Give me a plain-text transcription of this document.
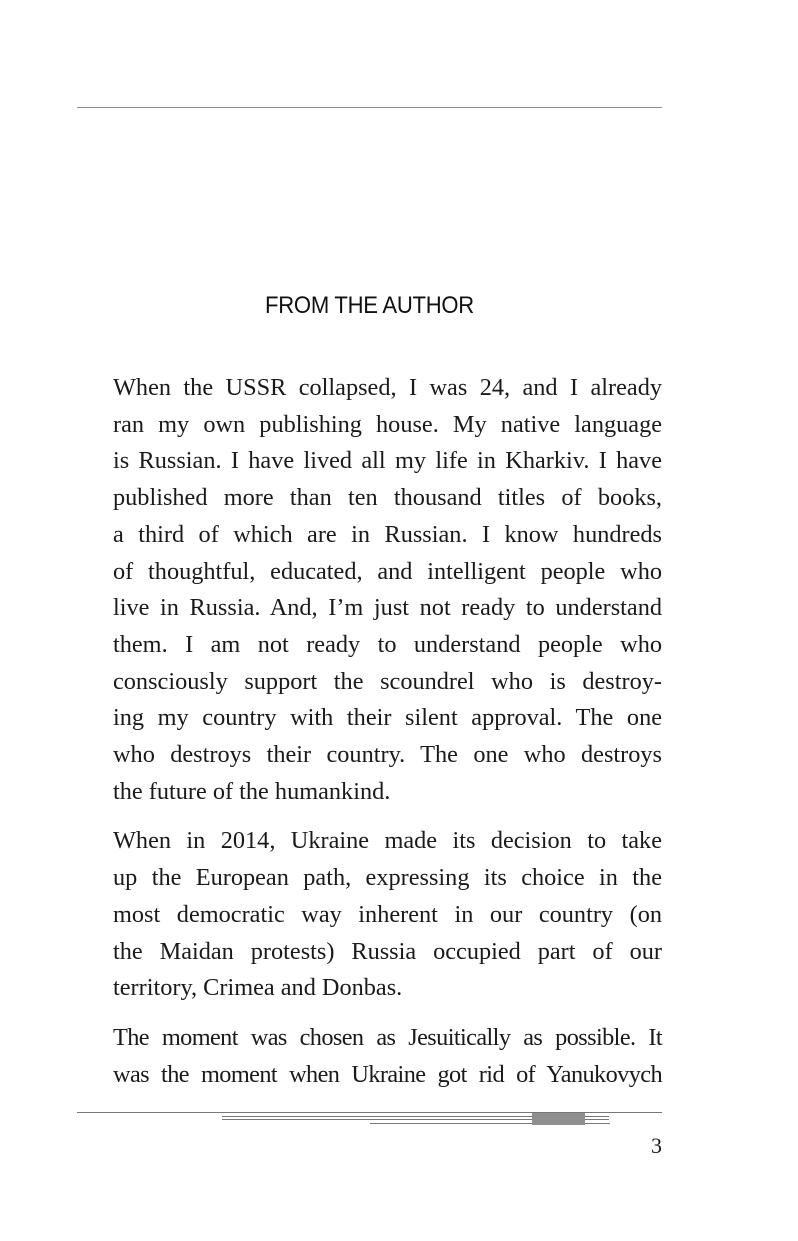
FROM THE AUTHOR
When the USSR collapsed, I was 24, and I already
ran my own publishing house. My native language
is Russian. I have lived all my life in Kharkiv. I have
published more than ten thousand titles of books,
a third of which are in Russian. I know hundreds
of thoughtful, educated, and intelligent people who
live in Russia. And, I’m just not ready to understand
them. I am not ready to understand people who
consciously support the scoundrel who is destroy-
ing my country with their silent approval. The one
who destroys their country. The one who destroys
the future of the humankind.
When in 2014, Ukraine made its decision to take
up the European path, expressing its choice in the
most democratic way inherent in our country (on
the Maidan protests) Russia occupied part of our
territory, Crimea and Donbas.
The moment was chosen as Jesuitically as possible. It
was the moment when Ukraine got rid of Yanukovych
3
